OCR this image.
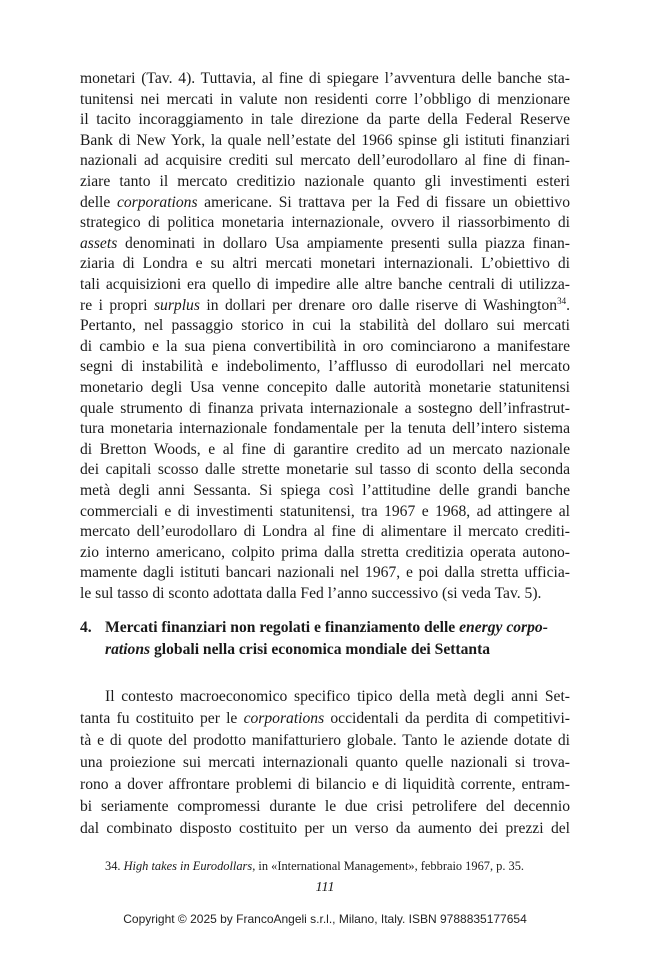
monetari (Tav. 4). Tuttavia, al fine di spiegare l’avventura delle banche sta-
tunitensi nei mercati in valute non residenti corre l’obbligo di menzionare
il tacito incoraggiamento in tale direzione da parte della Federal Reserve
Bank di New York, la quale nell’estate del 1966 spinse gli istituti finanziari
nazionali ad acquisire crediti sul mercato dell’eurodollaro al fine di finan-
ziare tanto il mercato creditizio nazionale quanto gli investimenti esteri
delle corporations americane. Si trattava per la Fed di fissare un obiettivo
strategico di politica monetaria internazionale, ovvero il riassorbimento di
assets denominati in dollaro Usa ampiamente presenti sulla piazza finan-
ziaria di Londra e su altri mercati monetari internazionali. L’obiettivo di
tali acquisizioni era quello di impedire alle altre banche centrali di utilizza-
re i propri surplus in dollari per drenare oro dalle riserve di Washington$^{34}$.
Pertanto, nel passaggio storico in cui la stabilità del dollaro sui mercati
di cambio e la sua piena convertibilità in oro cominciarono a manifestare
segni di instabilità e indebolimento, l’afflusso di eurodollari nel mercato
monetario degli Usa venne concepito dalle autorità monetarie statunitensi
quale strumento di finanza privata internazionale a sostegno dell’infrastrut-
tura monetaria internazionale fondamentale per la tenuta dell’intero sistema
di Bretton Woods, e al fine di garantire credito ad un mercato nazionale
dei capitali scosso dalle strette monetarie sul tasso di sconto della seconda
metà degli anni Sessanta. Si spiega così l’attitudine delle grandi banche
commerciali e di investimenti statunitensi, tra 1967 e 1968, ad attingere al
mercato dell’eurodollaro di Londra al fine di alimentare il mercato crediti-
zio interno americano, colpito prima dalla stretta creditizia operata autono-
mamente dagli istituti bancari nazionali nel 1967, e poi dalla stretta ufficia-
le sul tasso di sconto adottata dalla Fed l’anno successivo (si veda Tav. 5).
4. Mercati finanziari non regolati e finanziamento delle energy corpo-
rations globali nella crisi economica mondiale dei Settanta
Il contesto macroeconomico specifico tipico della metà degli anni Set-
tanta fu costituito per le corporations occidentali da perdita di competitivi-
tà e di quote del prodotto manifatturiero globale. Tanto le aziende dotate di
una proiezione sui mercati internazionali quanto quelle nazionali si trova-
rono a dover affrontare problemi di bilancio e di liquidità corrente, entram-
34. High takes in Eurodollars, in «International Management», febbraio 1967, p. 35.
111
Copyright © 2025 by FrancoAngeli s.r.l., Milano, Italy. ISBN 9788835177654
bi seriamente compromessi durante le due crisi petrolifere del decennio
dal combinato disposto costituito per un verso da aumento dei prezzi del
